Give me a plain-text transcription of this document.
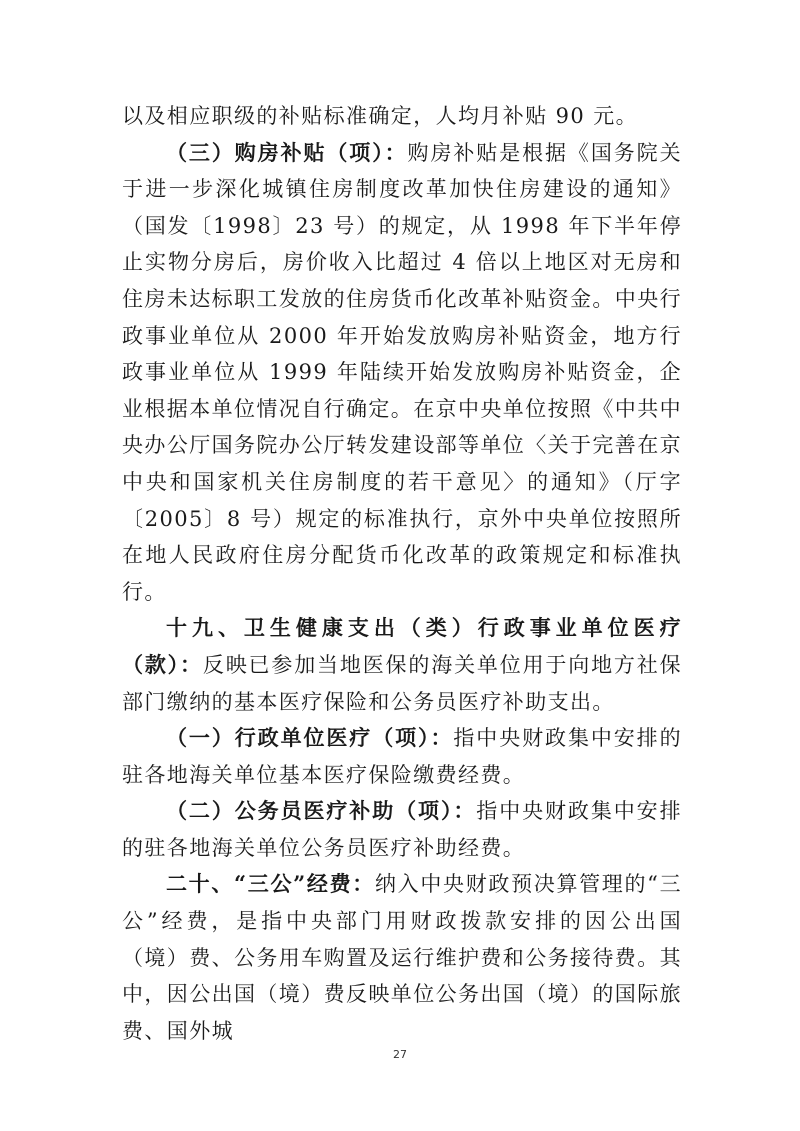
以及相应职级的补贴标准确定，人均月补贴 90 元。

（三）购房补贴（项）：购房补贴是根据《国务院关于进一步深化城镇住房制度改革加快住房建设的通知》（国发〔1998〕23 号）的规定，从 1998 年下半年停止实物分房后，房价收入比超过 4 倍以上地区对无房和住房未达标职工发放的住房货币化改革补贴资金。中央行政事业单位从 2000 年开始发放购房补贴资金，地方行政事业单位从 1999 年陆续开始发放购房补贴资金，企业根据本单位情况自行确定。在京中央单位按照《中共中央办公厅国务院办公厅转发建设部等单位〈关于完善在京中央和国家机关住房制度的若干意见〉的通知》（厅字〔2005〕8 号）规定的标准执行，京外中央单位按照所在地人民政府住房分配货币化改革的政策规定和标准执行。

十九、卫生健康支出（类）行政事业单位医疗（款）：反映已参加当地医保的海关单位用于向地方社保部门缴纳的基本医疗保险和公务员医疗补助支出。

（一）行政单位医疗（项）：指中央财政集中安排的驻各地海关单位基本医疗保险缴费经费。

（二）公务员医疗补助（项）：指中央财政集中安排的驻各地海关单位公务员医疗补助经费。

二十、“三公”经费：纳入中央财政预决算管理的“三公”经费，是指中央部门用财政拨款安排的因公出国（境）费、公务用车购置及运行维护费和公务接待费。其中，因公出国（境）费反映单位公务出国（境）的国际旅费、国外城

27
